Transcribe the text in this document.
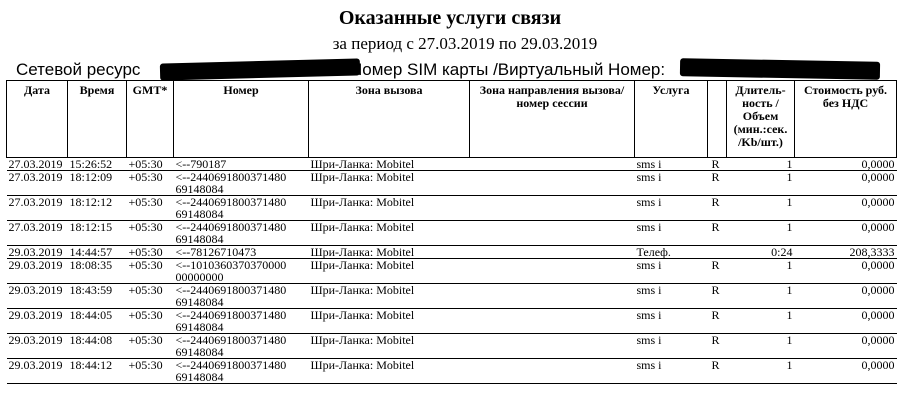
Оказанные услуги связи
за период с 27.03.2019 по 29.03.2019
Сетевой ресурс	Номер SIM карты /Виртуальный Номер:
Дата	Время	GMT*	Номер	Зона вызова	Зона направления вызова/номер сессии	Услуга		Длитель-ность /Объем (мин.:сек. /Kb/шт.)	Стоимость руб. без НДС
27.03.2019	15:26:52	+05:30	<--790187	Шри-Ланка: Mobitel		sms i	R	1	0,0000
27.03.2019	18:12:09	+05:30	<--2440691800371480 69148084	Шри-Ланка: Mobitel		sms i	R	1	0,0000
27.03.2019	18:12:12	+05:30	<--2440691800371480 69148084	Шри-Ланка: Mobitel		sms i	R	1	0,0000
27.03.2019	18:12:15	+05:30	<--2440691800371480 69148084	Шри-Ланка: Mobitel		sms i	R	1	0,0000
29.03.2019	14:44:57	+05:30	<--78126710473	Шри-Ланка: Mobitel		Телеф.		0:24	208,3333
29.03.2019	18:08:35	+05:30	<--1010360370370000 00000000	Шри-Ланка: Mobitel		sms i	R	1	0,0000
29.03.2019	18:43:59	+05:30	<--2440691800371480 69148084	Шри-Ланка: Mobitel		sms i	R	1	0,0000
29.03.2019	18:44:05	+05:30	<--2440691800371480 69148084	Шри-Ланка: Mobitel		sms i	R	1	0,0000
29.03.2019	18:44:08	+05:30	<--2440691800371480 69148084	Шри-Ланка: Mobitel		sms i	R	1	0,0000
29.03.2019	18:44:12	+05:30	<--2440691800371480 69148084	Шри-Ланка: Mobitel		sms i	R	1	0,0000
